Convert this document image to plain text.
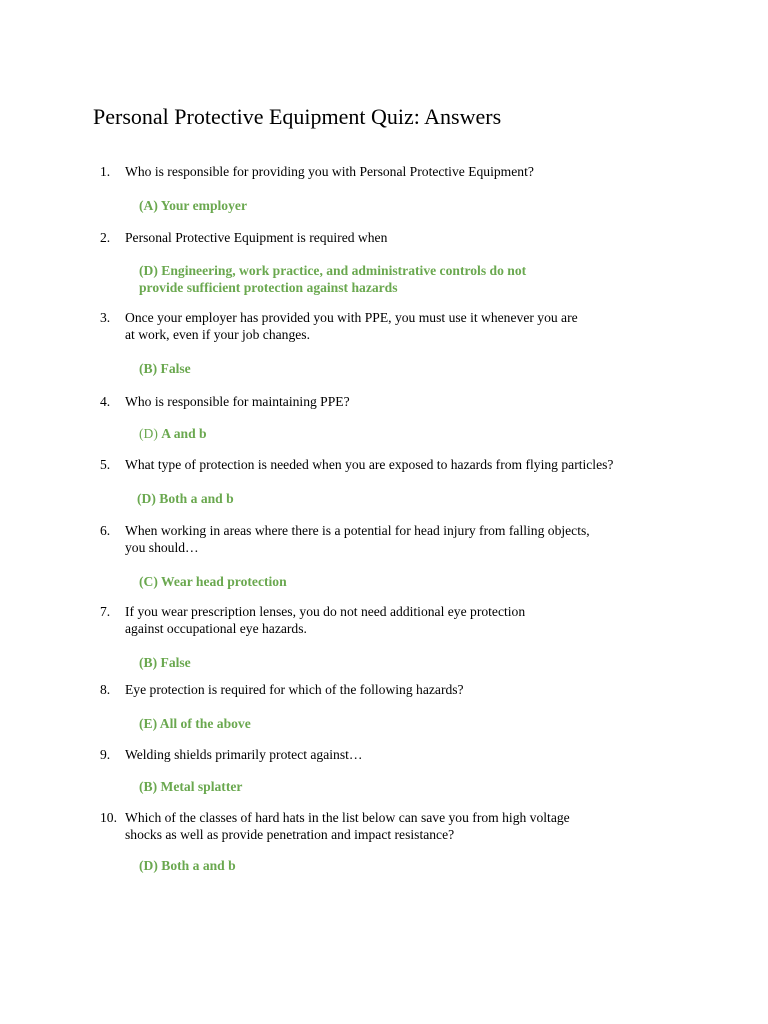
Personal Protective Equipment Quiz: Answers
1. Who is responsible for providing you with Personal Protective Equipment?
(A) Your employer
2. Personal Protective Equipment is required when
(D) Engineering, work practice, and administrative controls do not
provide sufficient protection against hazards
3. Once your employer has provided you with PPE, you must use it whenever you are
at work, even if your job changes.
(B) False
4. Who is responsible for maintaining PPE?
(D) A and b
5. What type of protection is needed when you are exposed to hazards from flying particles?
(D) Both a and b
6. When working in areas where there is a potential for head injury from falling objects,
you should…
(C) Wear head protection
7. If you wear prescription lenses, you do not need additional eye protection
against occupational eye hazards.
(B) False
8. Eye protection is required for which of the following hazards?
(E) All of the above
9. Welding shields primarily protect against…
(B) Metal splatter
10. Which of the classes of hard hats in the list below can save you from high voltage
shocks as well as provide penetration and impact resistance?
(D) Both a and b
